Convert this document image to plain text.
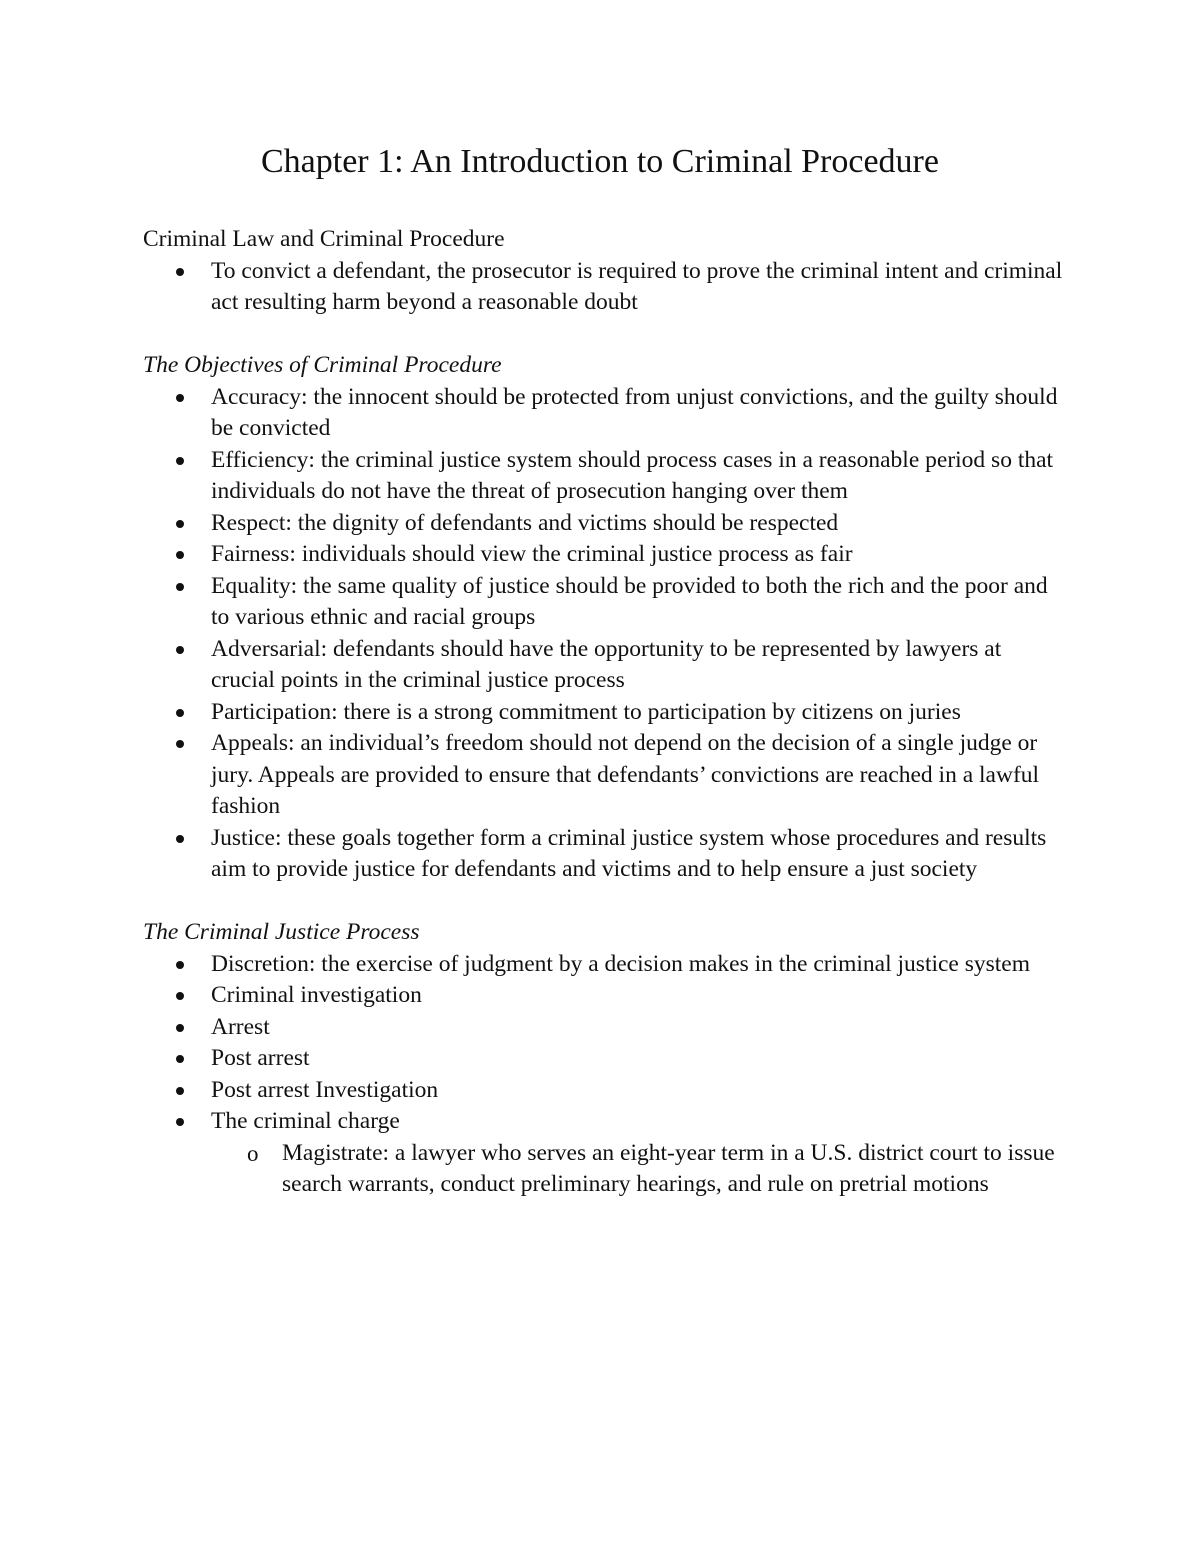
Chapter 1: An Introduction to Criminal Procedure

Criminal Law and Criminal Procedure

To convict a defendant, the prosecutor is required to prove the criminal intent and criminal act resulting harm beyond a reasonable doubt

The Objectives of Criminal Procedure

Accuracy: the innocent should be protected from unjust convictions, and the guilty should be convicted
Efficiency: the criminal justice system should process cases in a reasonable period so that individuals do not have the threat of prosecution hanging over them
Respect: the dignity of defendants and victims should be respected
Fairness: individuals should view the criminal justice process as fair
Equality: the same quality of justice should be provided to both the rich and the poor and to various ethnic and racial groups
Adversarial: defendants should have the opportunity to be represented by lawyers at crucial points in the criminal justice process
Participation: there is a strong commitment to participation by citizens on juries
Appeals: an individual’s freedom should not depend on the decision of a single judge or jury. Appeals are provided to ensure that defendants’ convictions are reached in a lawful fashion
Justice: these goals together form a criminal justice system whose procedures and results aim to provide justice for defendants and victims and to help ensure a just society

The Criminal Justice Process

Discretion: the exercise of judgment by a decision makes in the criminal justice system
Criminal investigation
Arrest
Post arrest
Post arrest Investigation
The criminal charge
o Magistrate: a lawyer who serves an eight-year term in a U.S. district court to issue search warrants, conduct preliminary hearings, and rule on pretrial motions
